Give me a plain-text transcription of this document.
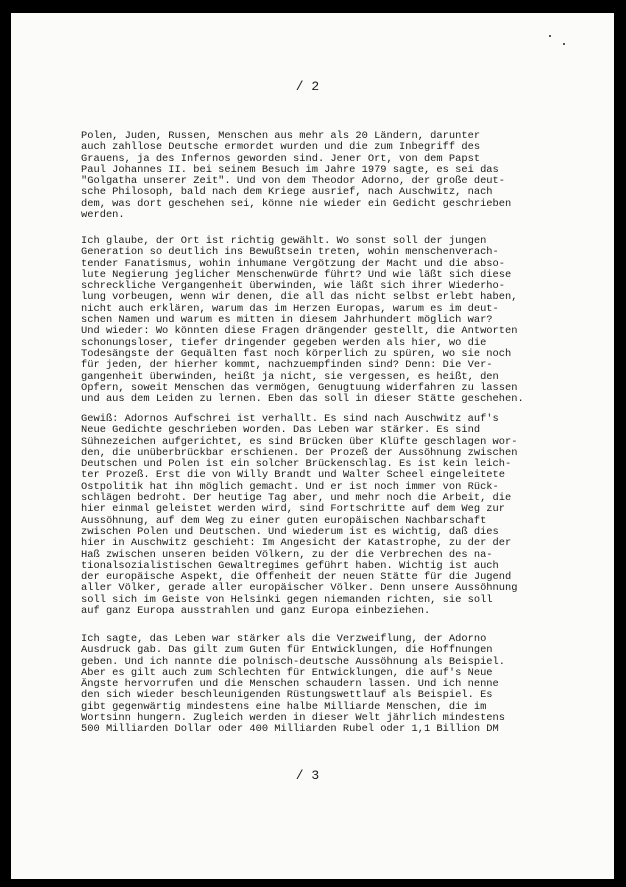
/ 2

Polen, Juden, Russen, Menschen aus mehr als 20 Ländern, darunter
auch zahllose Deutsche ermordet wurden und die zum Inbegriff des
Grauens, ja des Infernos geworden sind. Jener Ort, von dem Papst
Paul Johannes II. bei seinem Besuch im Jahre 1979 sagte, es sei das
"Golgatha unserer Zeit". Und von dem Theodor Adorno, der große deut-
sche Philosoph, bald nach dem Kriege ausrief, nach Auschwitz, nach
dem, was dort geschehen sei, könne nie wieder ein Gedicht geschrieben
werden.

Ich glaube, der Ort ist richtig gewählt. Wo sonst soll der jungen
Generation so deutlich ins Bewußtsein treten, wohin menschenverach-
tender Fanatismus, wohin inhumane Vergötzung der Macht und die abso-
lute Negierung jeglicher Menschenwürde führt? Und wie läßt sich diese
schreckliche Vergangenheit überwinden, wie läßt sich ihrer Wiederho-
lung vorbeugen, wenn wir denen, die all das nicht selbst erlebt haben,
nicht auch erklären, warum das im Herzen Europas, warum es im deut-
schen Namen und warum es mitten in diesem Jahrhundert möglich war?
Und wieder: Wo könnten diese Fragen drängender gestellt, die Antworten
schonungsloser, tiefer dringender gegeben werden als hier, wo die
Todesängste der Gequälten fast noch körperlich zu spüren, wo sie noch
für jeden, der hierher kommt, nachzuempfinden sind? Denn: Die Ver-
gangenheit überwinden, heißt ja nicht, sie vergessen, es heißt, den
Opfern, soweit Menschen das vermögen, Genugtuung widerfahren zu lassen
und aus dem Leiden zu lernen. Eben das soll in dieser Stätte geschehen.

Gewiß: Adornos Aufschrei ist verhallt. Es sind nach Auschwitz auf's
Neue Gedichte geschrieben worden. Das Leben war stärker. Es sind
Sühnezeichen aufgerichtet, es sind Brücken über Klüfte geschlagen wor-
den, die unüberbrückbar erschienen. Der Prozeß der Aussöhnung zwischen
Deutschen und Polen ist ein solcher Brückenschlag. Es ist kein leich-
ter Prozeß. Erst die von Willy Brandt und Walter Scheel eingeleitete
Ostpolitik hat ihn möglich gemacht. Und er ist noch immer von Rück-
schlägen bedroht. Der heutige Tag aber, und mehr noch die Arbeit, die
hier einmal geleistet werden wird, sind Fortschritte auf dem Weg zur
Aussöhnung, auf dem Weg zu einer guten europäischen Nachbarschaft
zwischen Polen und Deutschen. Und wiederum ist es wichtig, daß dies
hier in Auschwitz geschieht: Im Angesicht der Katastrophe, zu der der
Haß zwischen unseren beiden Völkern, zu der die Verbrechen des na-
tionalsozialistischen Gewaltregimes geführt haben. Wichtig ist auch
der europäische Aspekt, die Offenheit der neuen Stätte für die Jugend
aller Völker, gerade aller europäischer Völker. Denn unsere Aussöhnung
soll sich im Geiste von Helsinki gegen niemanden richten, sie soll
auf ganz Europa ausstrahlen und ganz Europa einbeziehen.

Ich sagte, das Leben war stärker als die Verzweiflung, der Adorno
Ausdruck gab. Das gilt zum Guten für Entwicklungen, die Hoffnungen
geben. Und ich nannte die polnisch-deutsche Aussöhnung als Beispiel.
Aber es gilt auch zum Schlechten für Entwicklungen, die auf's Neue
Ängste hervorrufen und die Menschen schaudern lassen. Und ich nenne
den sich wieder beschleunigenden Rüstungswettlauf als Beispiel. Es
gibt gegenwärtig mindestens eine halbe Milliarde Menschen, die im
Wortsinn hungern. Zugleich werden in dieser Welt jährlich mindestens
500 Milliarden Dollar oder 400 Milliarden Rubel oder 1,1 Billion DM

/ 3
